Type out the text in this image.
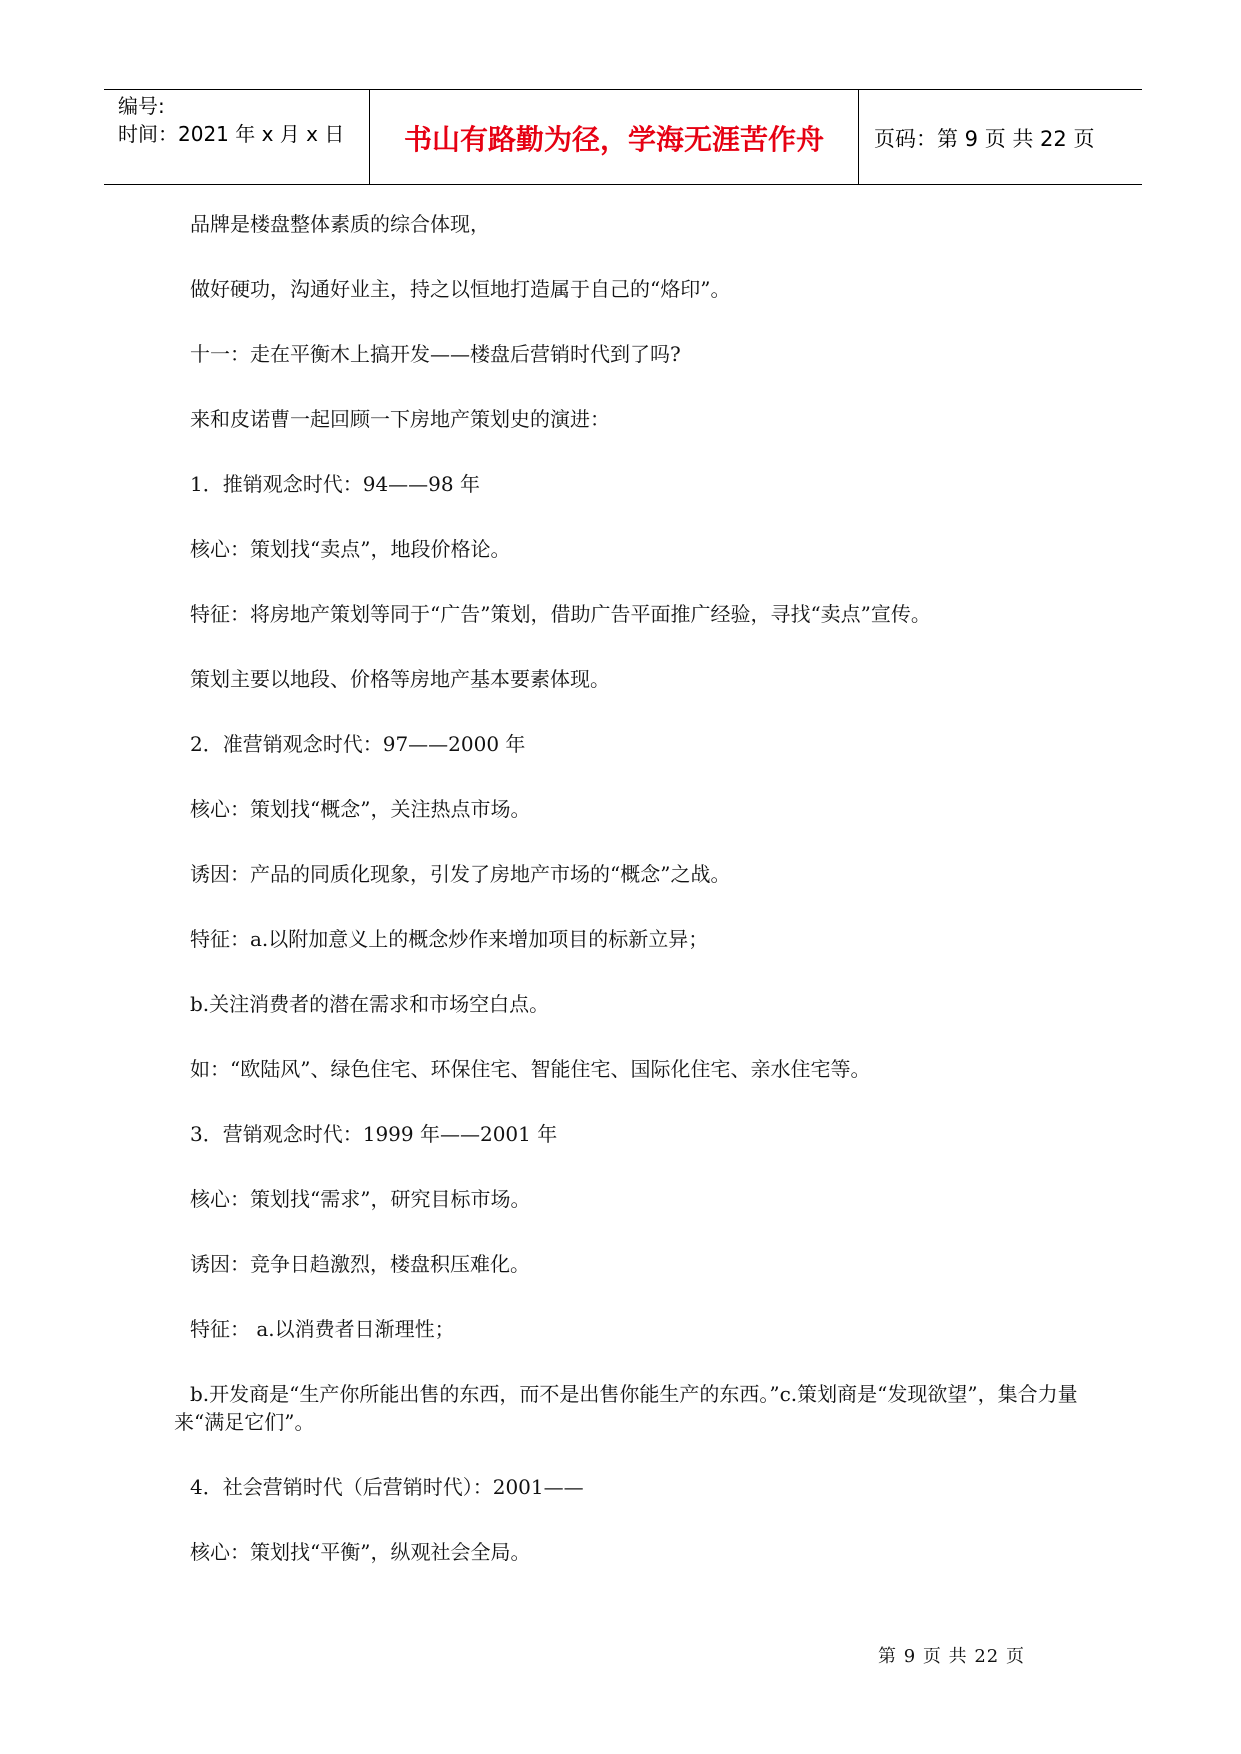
编号:
时间：2021 年 x 月 x 日	书山有路勤为径，学海无涯苦作舟	页码：第 9 页 共 22 页

品牌是楼盘整体素质的综合体现，

做好硬功，沟通好业主，持之以恒地打造属于自己的“烙印”。

十一：走在平衡木上搞开发——楼盘后营销时代到了吗?

来和皮诺曹一起回顾一下房地产策划史的演进：

1．推销观念时代：94——98 年

核心：策划找“卖点”，地段价格论。

特征：将房地产策划等同于“广告”策划，借助广告平面推广经验，寻找“卖点”宣传。

策划主要以地段、价格等房地产基本要素体现。

2．准营销观念时代：97——2000 年

核心：策划找“概念”，关注热点市场。

诱因：产品的同质化现象，引发了房地产市场的“概念”之战。

特征：a.以附加意义上的概念炒作来增加项目的标新立异；

b.关注消费者的潜在需求和市场空白点。

如：“欧陆风”、绿色住宅、环保住宅、智能住宅、国际化住宅、亲水住宅等。

3．营销观念时代：1999 年——2001 年

核心：策划找“需求”，研究目标市场。

诱因：竞争日趋激烈，楼盘积压难化。

特征： a.以消费者日渐理性；

b.开发商是“生产你所能出售的东西，而不是出售你能生产的东西。”c.策划商是“发现欲望”，集合力量来“满足它们”。

4．社会营销时代（后营销时代）：2001——

核心：策划找“平衡”，纵观社会全局。

第 9 页 共 22 页
